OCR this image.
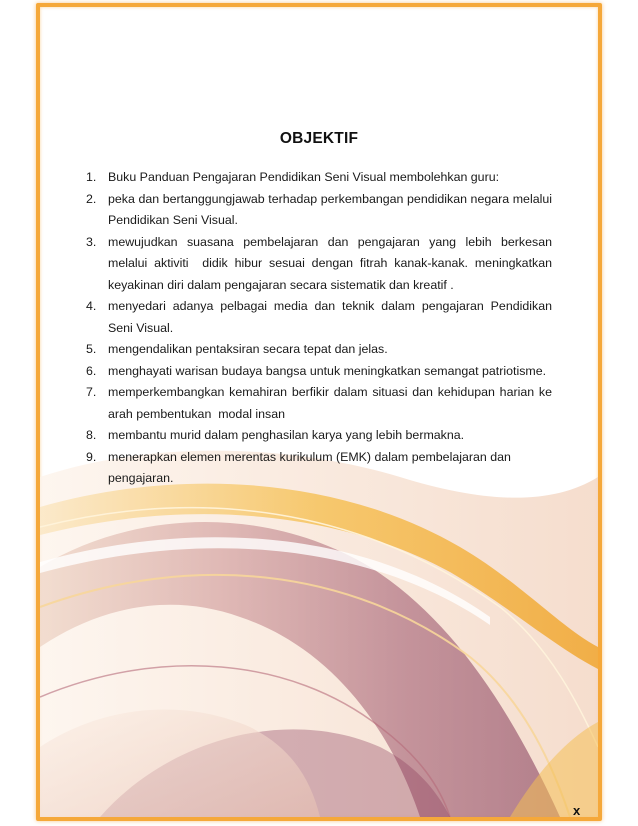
OBJEKTIF
1. Buku Panduan Pengajaran Pendidikan Seni Visual membolehkan guru:
2. peka dan bertanggungjawab terhadap perkembangan pendidikan negara melalui Pendidikan Seni Visual.
3. mewujudkan suasana pembelajaran dan pengajaran yang lebih berkesan melalui aktiviti  didik hibur sesuai dengan fitrah kanak-kanak. meningkatkan keyakinan diri dalam pengajaran secara sistematik dan kreatif .
4. menyedari adanya pelbagai media dan teknik dalam pengajaran Pendidikan Seni Visual.
5. mengendalikan pentaksiran secara tepat dan jelas.
6. menghayati warisan budaya bangsa untuk meningkatkan semangat patriotisme.
7. memperkembangkan kemahiran berfikir dalam situasi dan kehidupan harian ke arah pembentukan  modal insan
8. membantu murid dalam penghasilan karya yang lebih bermakna.
9. menerapkan elemen merentas kurikulum (EMK) dalam pembelajaran dan  pengajaran.
x
